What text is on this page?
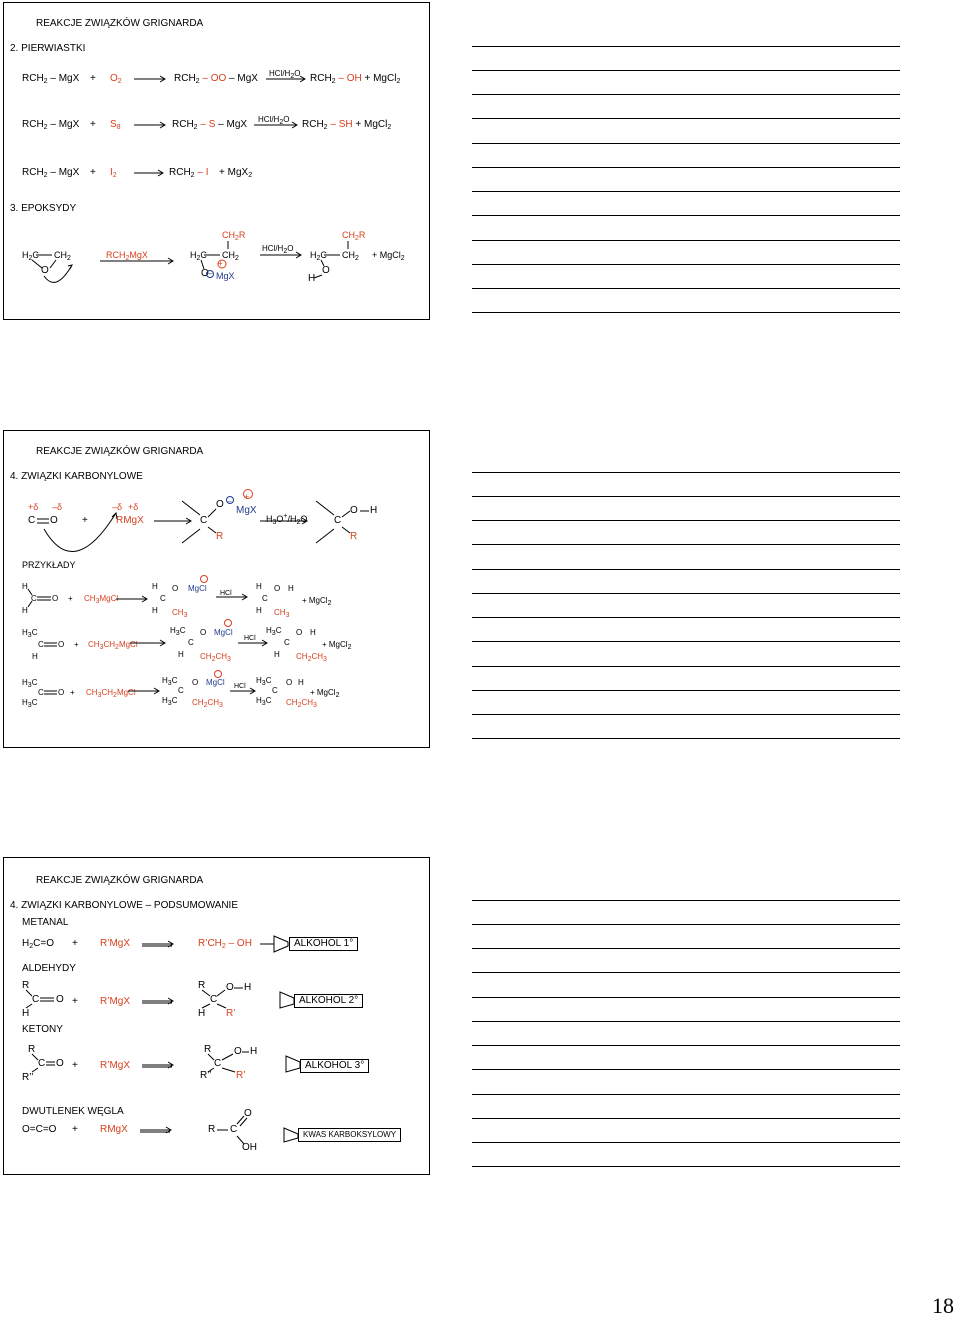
REAKCJE ZWIĄZKÓW GRIGNARDA
2. PIERWIASTKI
$RCH_2$ – MgX + $O_2$	$RCH_2$ – OO – MgX HCl/H2O $RCH_2$ – OH + MgCl$_2$
$RCH_2$ – MgX + $S_8$	$RCH_2$ – S – MgX HCl/H2O $RCH_2$ – SH + MgCl$_2$
$RCH_2$ – MgX + $I_2$	$RCH_2 - I + MgX_2$
3. EPOKSYDY
$H_2C$ $CH_2$
O
$RCH_2MgX$	$H_2C$
$CH_2R$
$CH_2$
O –
+
MgX
HCl/H2O
$H_2C$
$CH_2R$
$CH_2$
O
H
+ MgCl$_2$
REAKCJE ZWIĄZKÓW GRIGNARDA
4. ZWIĄZKI KARBONYLOWE
+δ –δ
C O +
–δ +δ
RMgX	C
O – +
MgX
R
$H_3O^+/H_2O$	C
O H
R
PRZYKŁADY
H
C O
H
+ CH3MgCl
H
C
O MgCl
H CH3
HCl
H
C
O H
H CH3
+ MgCl2
H3C
C O
H
+ CH3CH2MgCl
H3C
C
O MgCl
H CH2CH3
HCl
H3C
C
O H
H CH2CH3
+ MgCl2
H3C
C O
H3C
+ CH3CH2MgCl
H3C
C
O MgCl
H3C CH2CH3
HCl
H3C
C
O H
H3C CH2CH3
+ MgCl2
REAKCJE ZWIĄZKÓW GRIGNARDA
4. ZWIĄZKI KARBONYLOWE – PODSUMOWANIE
METANAL
$H_2C=O$ + R’MgX	$R’CH_2$ – OH	ALKOHOL 1°
ALDEHYDY
R
C O
H
+ R’MgX
R
C
O H
H R’
ALKOHOL 2°
KETONY
R
C O
R’’
+ R’MgX
R
C
O H
R’’ R’
ALKOHOL 3°
DWUTLENEK WĘGLA
O=C=O + RMgX	R C
O
OH
KWAS KARBOKSYLOWY
18
